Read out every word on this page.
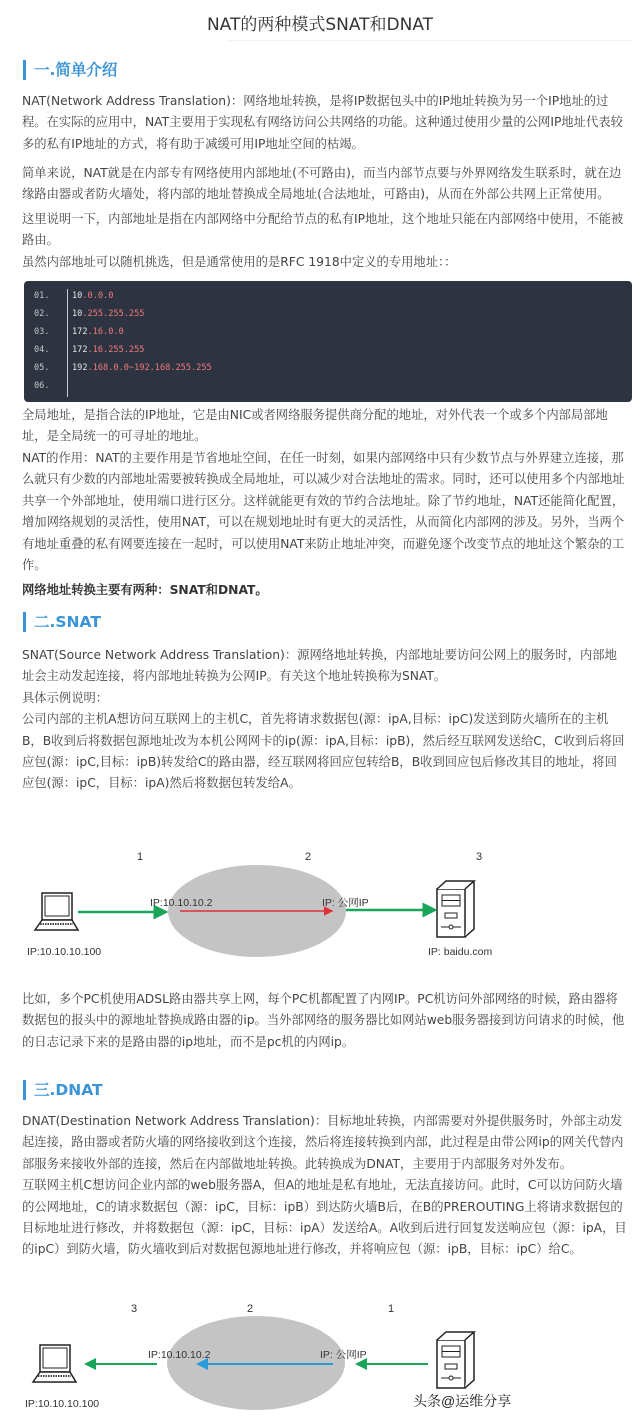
NAT的两种模式SNAT和DNAT
一.简单介绍

NAT(Network Address Translation)：网络地址转换，是将IP数据包头中的IP地址转换为另一个IP地址的过程。在实际的应用中，NAT主要用于实现私有网络访问公共网络的功能。这种通过使用少量的公网IP地址代表较多的私有IP地址的方式，将有助于减缓可用IP地址空间的枯竭。

简单来说，NAT就是在内部专有网络使用内部地址(不可路由)，而当内部节点要与外界网络发生联系时，就在边缘路由器或者防火墙处，将内部的地址替换成全局地址(合法地址，可路由)，从而在外部公共网上正常使用。

这里说明一下，内部地址是指在内部网络中分配给节点的私有IP地址，这个地址只能在内部网络中使用，不能被路由。
虽然内部地址可以随机挑选，但是通常使用的是RFC 1918中定义的专用地址：：

01.	10.0.0.0
02.	10.255.255.255
03.	172.16.0.0
04.	172.16.255.255
05.	192.168.0.0~192.168.255.255
06.

全局地址，是指合法的IP地址，它是由NIC或者网络服务提供商分配的地址，对外代表一个或多个内部局部地址，是全局统一的可寻址的地址。

NAT的作用：NAT的主要作用是节省地址空间，在任一时刻，如果内部网络中只有少数节点与外界建立连接，那么就只有少数的内部地址需要被转换成全局地址，可以减少对合法地址的需求。同时，还可以使用多个内部地址共享一个外部地址，使用端口进行区分。这样就能更有效的节约合法地址。除了节约地址，NAT还能简化配置，增加网络规划的灵活性，使用NAT，可以在规划地址时有更大的灵活性，从而简化内部网的涉及。另外，当两个有地址重叠的私有网要连接在一起时，可以使用NAT来防止地址冲突，而避免逐个改变节点的地址这个繁杂的工作。

网络地址转换主要有两种：SNAT和DNAT。

二.SNAT

SNAT(Source Network Address Translation)：源网络地址转换，内部地址要访问公网上的服务时，内部地址会主动发起连接，将内部地址转换为公网IP。有关这个地址转换称为SNAT。
具体示例说明：
公司内部的主机A想访问互联网上的主机C，首先将请求数据包(源：ipA,目标：ipC)发送到防火墙所在的主机B，B收到后将数据包源地址改为本机公网网卡的ip(源：ipA,目标：ipB)，然后经互联网发送给C，C收到后将回应包(源：ipC,目标：ipB)转发给C的路由器，经互联网将回应包转给B，B收到回应包后修改其目的地址，将回应包(源：ipC，目标：ipA)然后将数据包转发给A。

1	2	3
IP:10.10.10.2	IP: 公网IP
IP:10.10.10.100	IP: baidu.com

比如，多个PC机使用ADSL路由器共享上网，每个PC机都配置了内网IP。PC机访问外部网络的时候，路由器将数据包的报头中的源地址替换成路由器的ip。当外部网络的服务器比如网站web服务器接到访问请求的时候，他的日志记录下来的是路由器的ip地址，而不是pc机的内网ip。

三.DNAT

DNAT(Destination Network Address Translation)：目标地址转换，内部需要对外提供服务时，外部主动发起连接，路由器或者防火墙的网络接收到这个连接，然后将连接转换到内部，此过程是由带公网ip的网关代替内部服务来接收外部的连接，然后在内部做地址转换。此转换成为DNAT，主要用于内部服务对外发布。
互联网主机C想访问企业内部的web服务器A，但A的地址是私有地址，无法直接访问。此时，C可以访问防火墙的公网地址，C的请求数据包（源：ipC，目标：ipB）到达防火墙B后，在B的PREROUTING上将请求数据包的目标地址进行修改，并将数据包（源：ipC，目标：ipA）发送给A。A收到后进行回复发送响应包（源：ipA，目的ipC）到防火墙，防火墙收到后对数据包源地址进行修改，并将响应包（源：ipB，目标：ipC）给C。

3	2	1
IP:10.10.10.2	IP: 公网IP
IP:10.10.10.100	头条@运维分享
